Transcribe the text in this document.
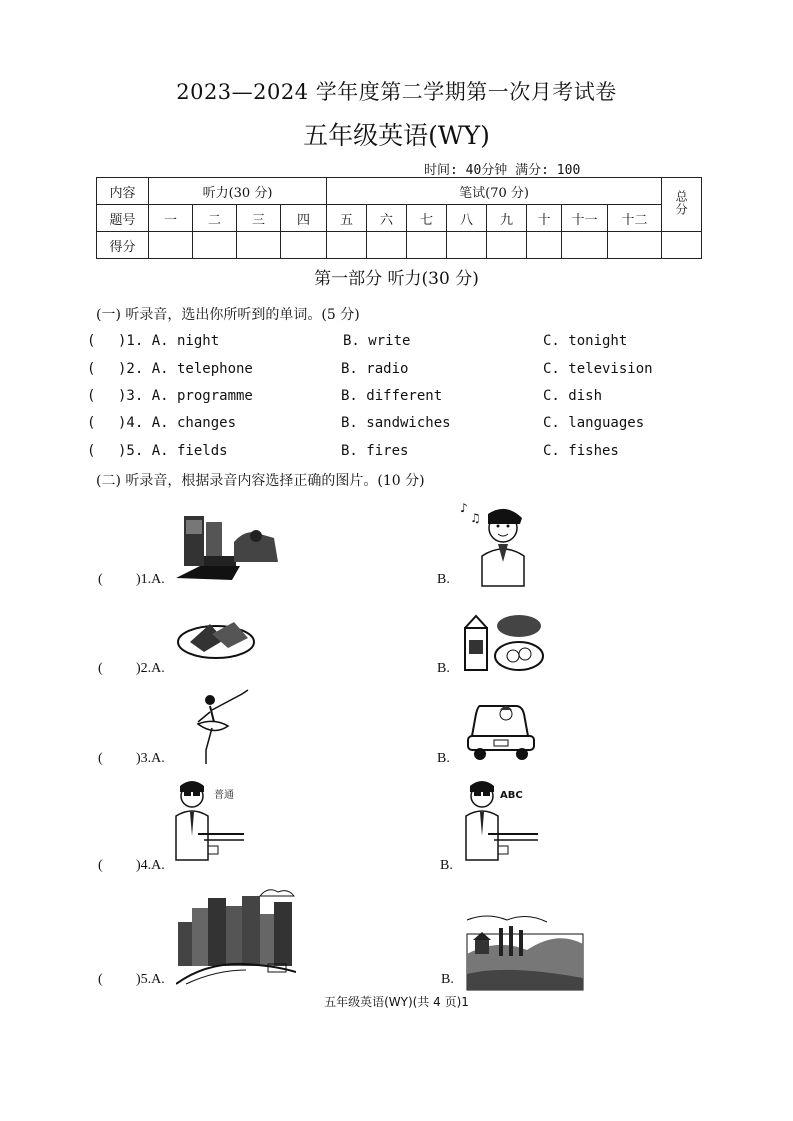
2023—2024 学年度第二学期第一次月考试卷
五年级英语(WY)
时间: 40分钟 满分: 100
内容	听力(30 分)				笔试(70 分)								总分
题号	一	二	三	四	五	六	七	八	九	十	十一	十二	
得分													
第一部分 听力(30 分)
(一) 听录音，选出你所听到的单词。(5 分)
( )1. A. night	B. write	C. tonight
( )2. A. telephone	B. radio	C. television
( )3. A. programme	B. different	C. dish
( )4. A. changes	B. sandwiches	C. languages
( )5. A. fields	B. fires	C. fishes
(二) 听录音，根据录音内容选择正确的图片。(10 分)
( )1.A.	B.
♪
♫
( )2.A.	B.
( )3.A.	B.
( )4.A.
普通
B.
ABC
( )5.A.	B.
五年级英语(WY)(共 4 页)1
